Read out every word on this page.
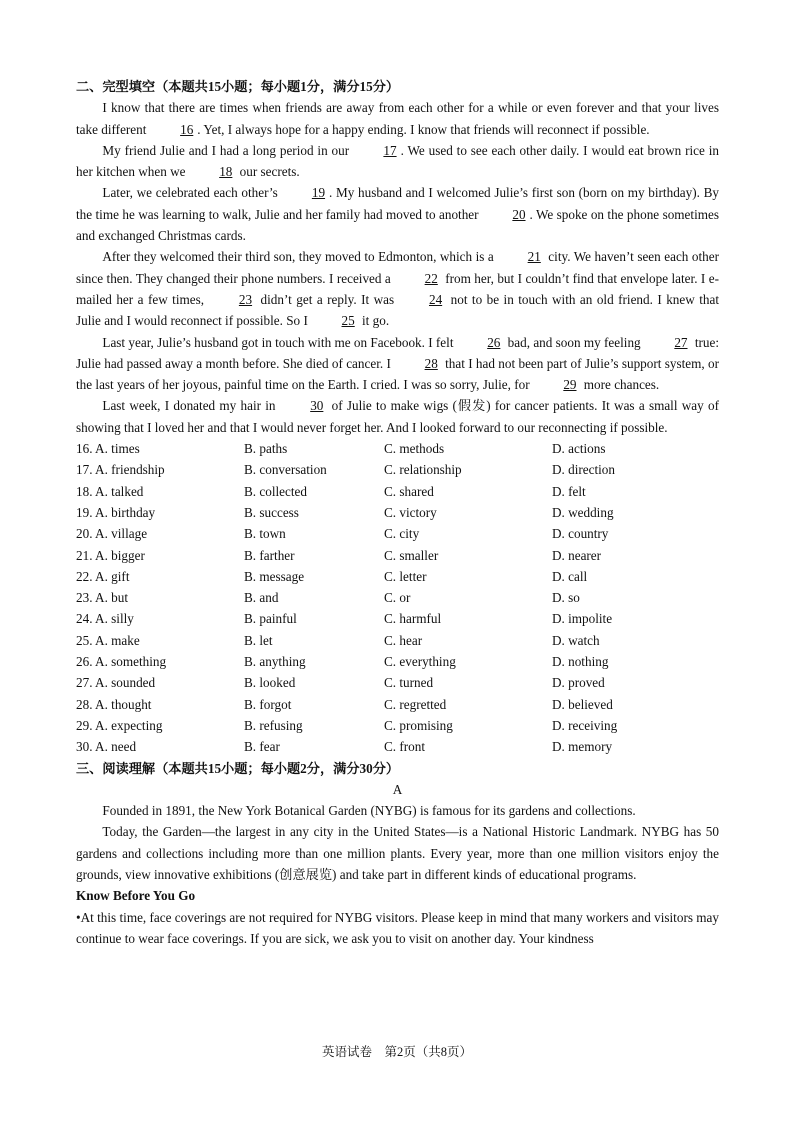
二、完型填空（本题共15小题；每小题1分，满分15分）

I know that there are times when friends are away from each other for a while or even forever and that your lives take different 16 . Yet, I always hope for a happy ending. I know that friends will reconnect if possible.

My friend Julie and I had a long period in our 17 . We used to see each other daily. I would eat brown rice in her kitchen when we 18 our secrets.

Later, we celebrated each other’s 19 . My husband and I welcomed Julie’s first son (born on my birthday). By the time he was learning to walk, Julie and her family had moved to another 20 . We spoke on the phone sometimes and exchanged Christmas cards.

After they welcomed their third son, they moved to Edmonton, which is a 21 city. We haven’t seen each other since then. They changed their phone numbers. I received a 22 from her, but I couldn’t find that envelope later. I e-mailed her a few times, 23 didn’t get a reply. It was 24 not to be in touch with an old friend. I knew that Julie and I would reconnect if possible. So I 25 it go.

Last year, Julie’s husband got in touch with me on Facebook. I felt 26 bad, and soon my feeling 27 true: Julie had passed away a month before. She died of cancer. I 28 that I had not been part of Julie’s support system, or the last years of her joyous, painful time on the Earth. I cried. I was so sorry, Julie, for 29 more chances.

Last week, I donated my hair in 30 of Julie to make wigs (假发) for cancer patients. It was a small way of showing that I loved her and that I would never forget her. And I looked forward to our reconnecting if possible.

16. A. times	B. paths	C. methods	D. actions
17. A. friendship	B. conversation	C. relationship	D. direction
18. A. talked	B. collected	C. shared	D. felt
19. A. birthday	B. success	C. victory	D. wedding
20. A. village	B. town	C. city	D. country
21. A. bigger	B. farther	C. smaller	D. nearer
22. A. gift	B. message	C. letter	D. call
23. A. but	B. and	C. or	D. so
24. A. silly	B. painful	C. harmful	D. impolite
25. A. make	B. let	C. hear	D. watch
26. A. something	B. anything	C. everything	D. nothing
27. A. sounded	B. looked	C. turned	D. proved
28. A. thought	B. forgot	C. regretted	D. believed
29. A. expecting	B. refusing	C. promising	D. receiving
30. A. need	B. fear	C. front	D. memory

三、阅读理解（本题共15小题；每小题2分，满分30分）

A

Founded in 1891, the New York Botanical Garden (NYBG) is famous for its gardens and collections.

Today, the Garden—the largest in any city in the United States—is a National Historic Landmark. NYBG has 50 gardens and collections including more than one million plants. Every year, more than one million visitors enjoy the grounds, view innovative exhibitions (创意展览) and take part in different kinds of educational programs.

Know Before You Go

•At this time, face coverings are not required for NYBG visitors. Please keep in mind that many workers and visitors may continue to wear face coverings. If you are sick, we ask you to visit on another day. Your kindness

英语试卷　第2页（共8页）
